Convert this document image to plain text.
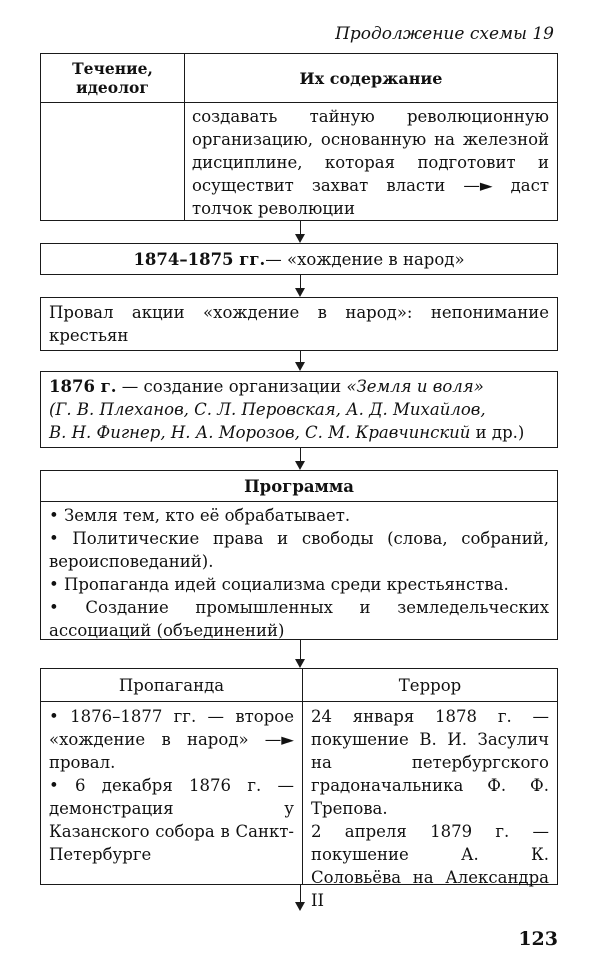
Продолжение схемы 19
Течение,
идеолог	Их содержание
создавать тайную революционную организацию, основанную на железной дисциплине, которая подготовит и осуществит захват власти —► даст толчок революции
1874–1875 гг. — «хождение в народ»
Провал акции «хождение в народ»: непонимание крестьян
1876 г. — создание организации «Земля и воля»
(Г. В. Плеханов, С. Л. Перовская, А. Д. Михайлов,
В. Н. Фигнер, Н. А. Морозов, С. М. Кравчинский и др.)
Программа
• Земля тем, кто её обрабатывает.
• Политические права и свободы (слова, собраний, вероисповеданий).
• Пропаганда идей социализма среди крестьянства.
• Создание промышленных и земледельческих ассоциаций (объединений)
Пропаганда	Террор
• 1876–1877 гг. — второе «хождение в народ» —► провал.
• 6 декабря 1876 г. — демонстрация у Казанского собора в Санкт-Петербурге
24 января 1878 г. — покушение В. И. Засулич на петербургского градоначальника Ф. Ф. Трепова.
2 апреля 1879 г. — покушение А. К. Соловьёва на Александра II
123
